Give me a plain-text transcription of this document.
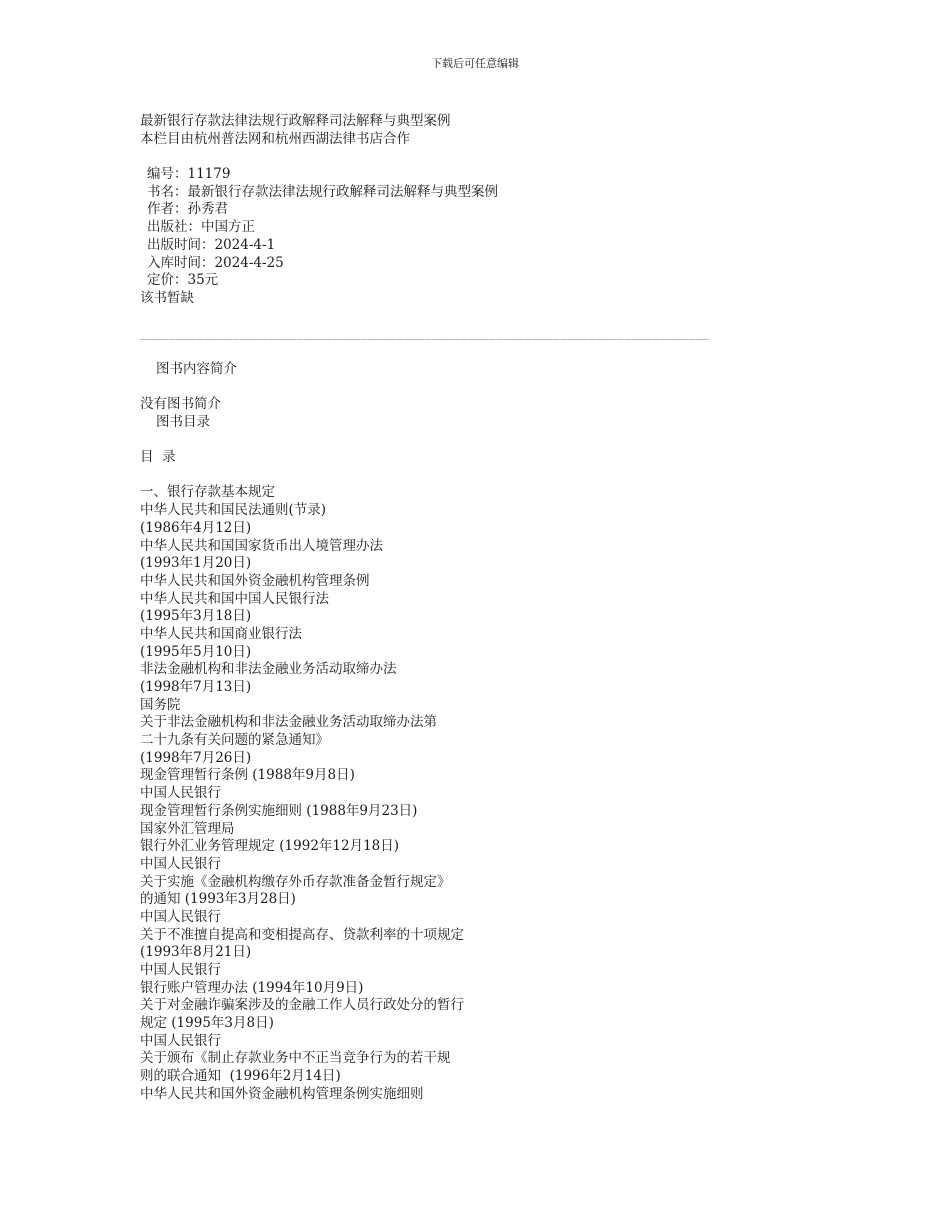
下载后可任意编辑
最新银行存款法律法规行政解释司法解释与典型案例
本栏目由杭州普法网和杭州西湖法律书店合作
编号：11179
书名：最新银行存款法律法规行政解释司法解释与典型案例
作者：孙秀君
出版社：中国方正
出版时间：2024-4-1
入库时间：2024-4-25
定价：35元
该书暂缺
________________________________________________________________________________
图书内容简介
没有图书简介
图书目录
目  录
一、银行存款基本规定
中华人民共和国民法通则(节录)
(1986年4月12日)
中华人民共和国国家货币出人境管理办法
(1993年1月20日)
中华人民共和国外资金融机构管理条例
中华人民共和国中国人民银行法
(1995年3月18日)
中华人民共和国商业银行法
(1995年5月10日)
非法金融机构和非法金融业务活动取缔办法
(1998年7月13日)
国务院
关于非法金融机构和非法金融业务活动取缔办法第
二十九条有关问题的紧急通知》
(1998年7月26日)
现金管理暂行条例 (1988年9月8日)
中国人民银行
现金管理暂行条例实施细则 (1988年9月23日)
国家外汇管理局
银行外汇业务管理规定 (1992年12月18日)
中国人民银行
关于实施《金融机构缴存外币存款准备金暂行规定》
的通知 (1993年3月28日)
中国人民银行
关于不准擅自提高和变相提高存、贷款利率的十项规定
(1993年8月21日)
中国人民银行
银行账户管理办法 (1994年10月9日)
关于对金融诈骗案涉及的金融工作人员行政处分的暂行
规定 (1995年3月8日)
中国人民银行
关于颁布《制止存款业务中不正当竞争行为的若干规
则的联合通知  (1996年2月14日)
中华人民共和国外资金融机构管理条例实施细则
